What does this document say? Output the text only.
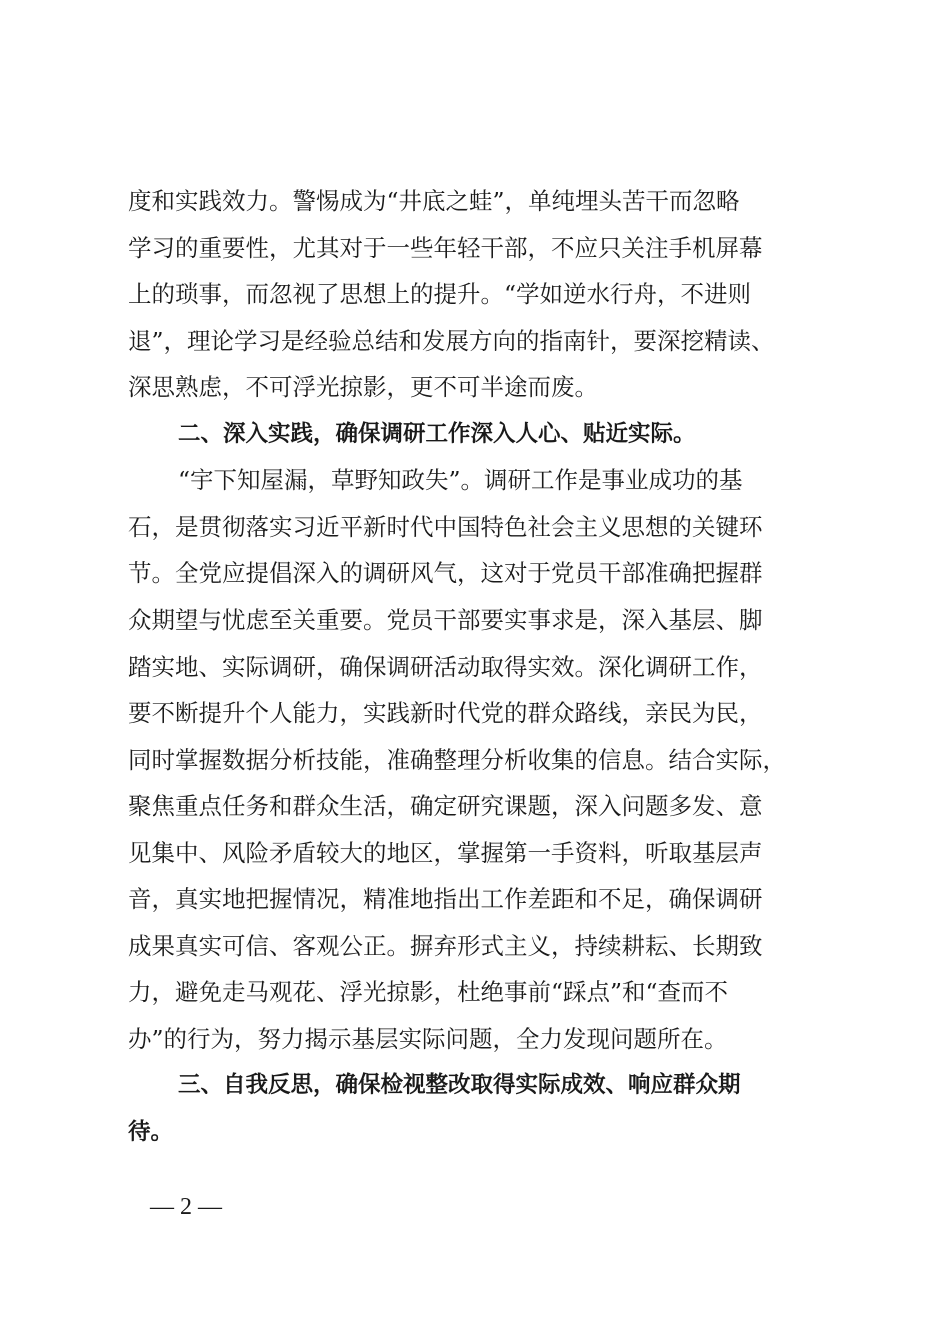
度和实践效力。警惕成为“井底之蛙”，单纯埋头苦干而忽略
学习的重要性，尤其对于一些年轻干部，不应只关注手机屏幕
上的琐事，而忽视了思想上的提升。“学如逆水行舟，不进则
退”，理论学习是经验总结和发展方向的指南针，要深挖精读、
深思熟虑，不可浮光掠影，更不可半途而废。
二、深入实践，确保调研工作深入人心、贴近实际。
“宇下知屋漏，草野知政失”。调研工作是事业成功的基
石，是贯彻落实习近平新时代中国特色社会主义思想的关键环
节。全党应提倡深入的调研风气，这对于党员干部准确把握群
众期望与忧虑至关重要。党员干部要实事求是，深入基层、脚
踏实地、实际调研，确保调研活动取得实效。深化调研工作，
要不断提升个人能力，实践新时代党的群众路线，亲民为民，
同时掌握数据分析技能，准确整理分析收集的信息。结合实际，
聚焦重点任务和群众生活，确定研究课题，深入问题多发、意
见集中、风险矛盾较大的地区，掌握第一手资料，听取基层声
音，真实地把握情况，精准地指出工作差距和不足，确保调研
成果真实可信、客观公正。摒弃形式主义，持续耕耘、长期致
力，避免走马观花、浮光掠影，杜绝事前“踩点”和“查而不
办”的行为，努力揭示基层实际问题，全力发现问题所在。
三、自我反思，确保检视整改取得实际成效、响应群众期
待。
— 2 —
